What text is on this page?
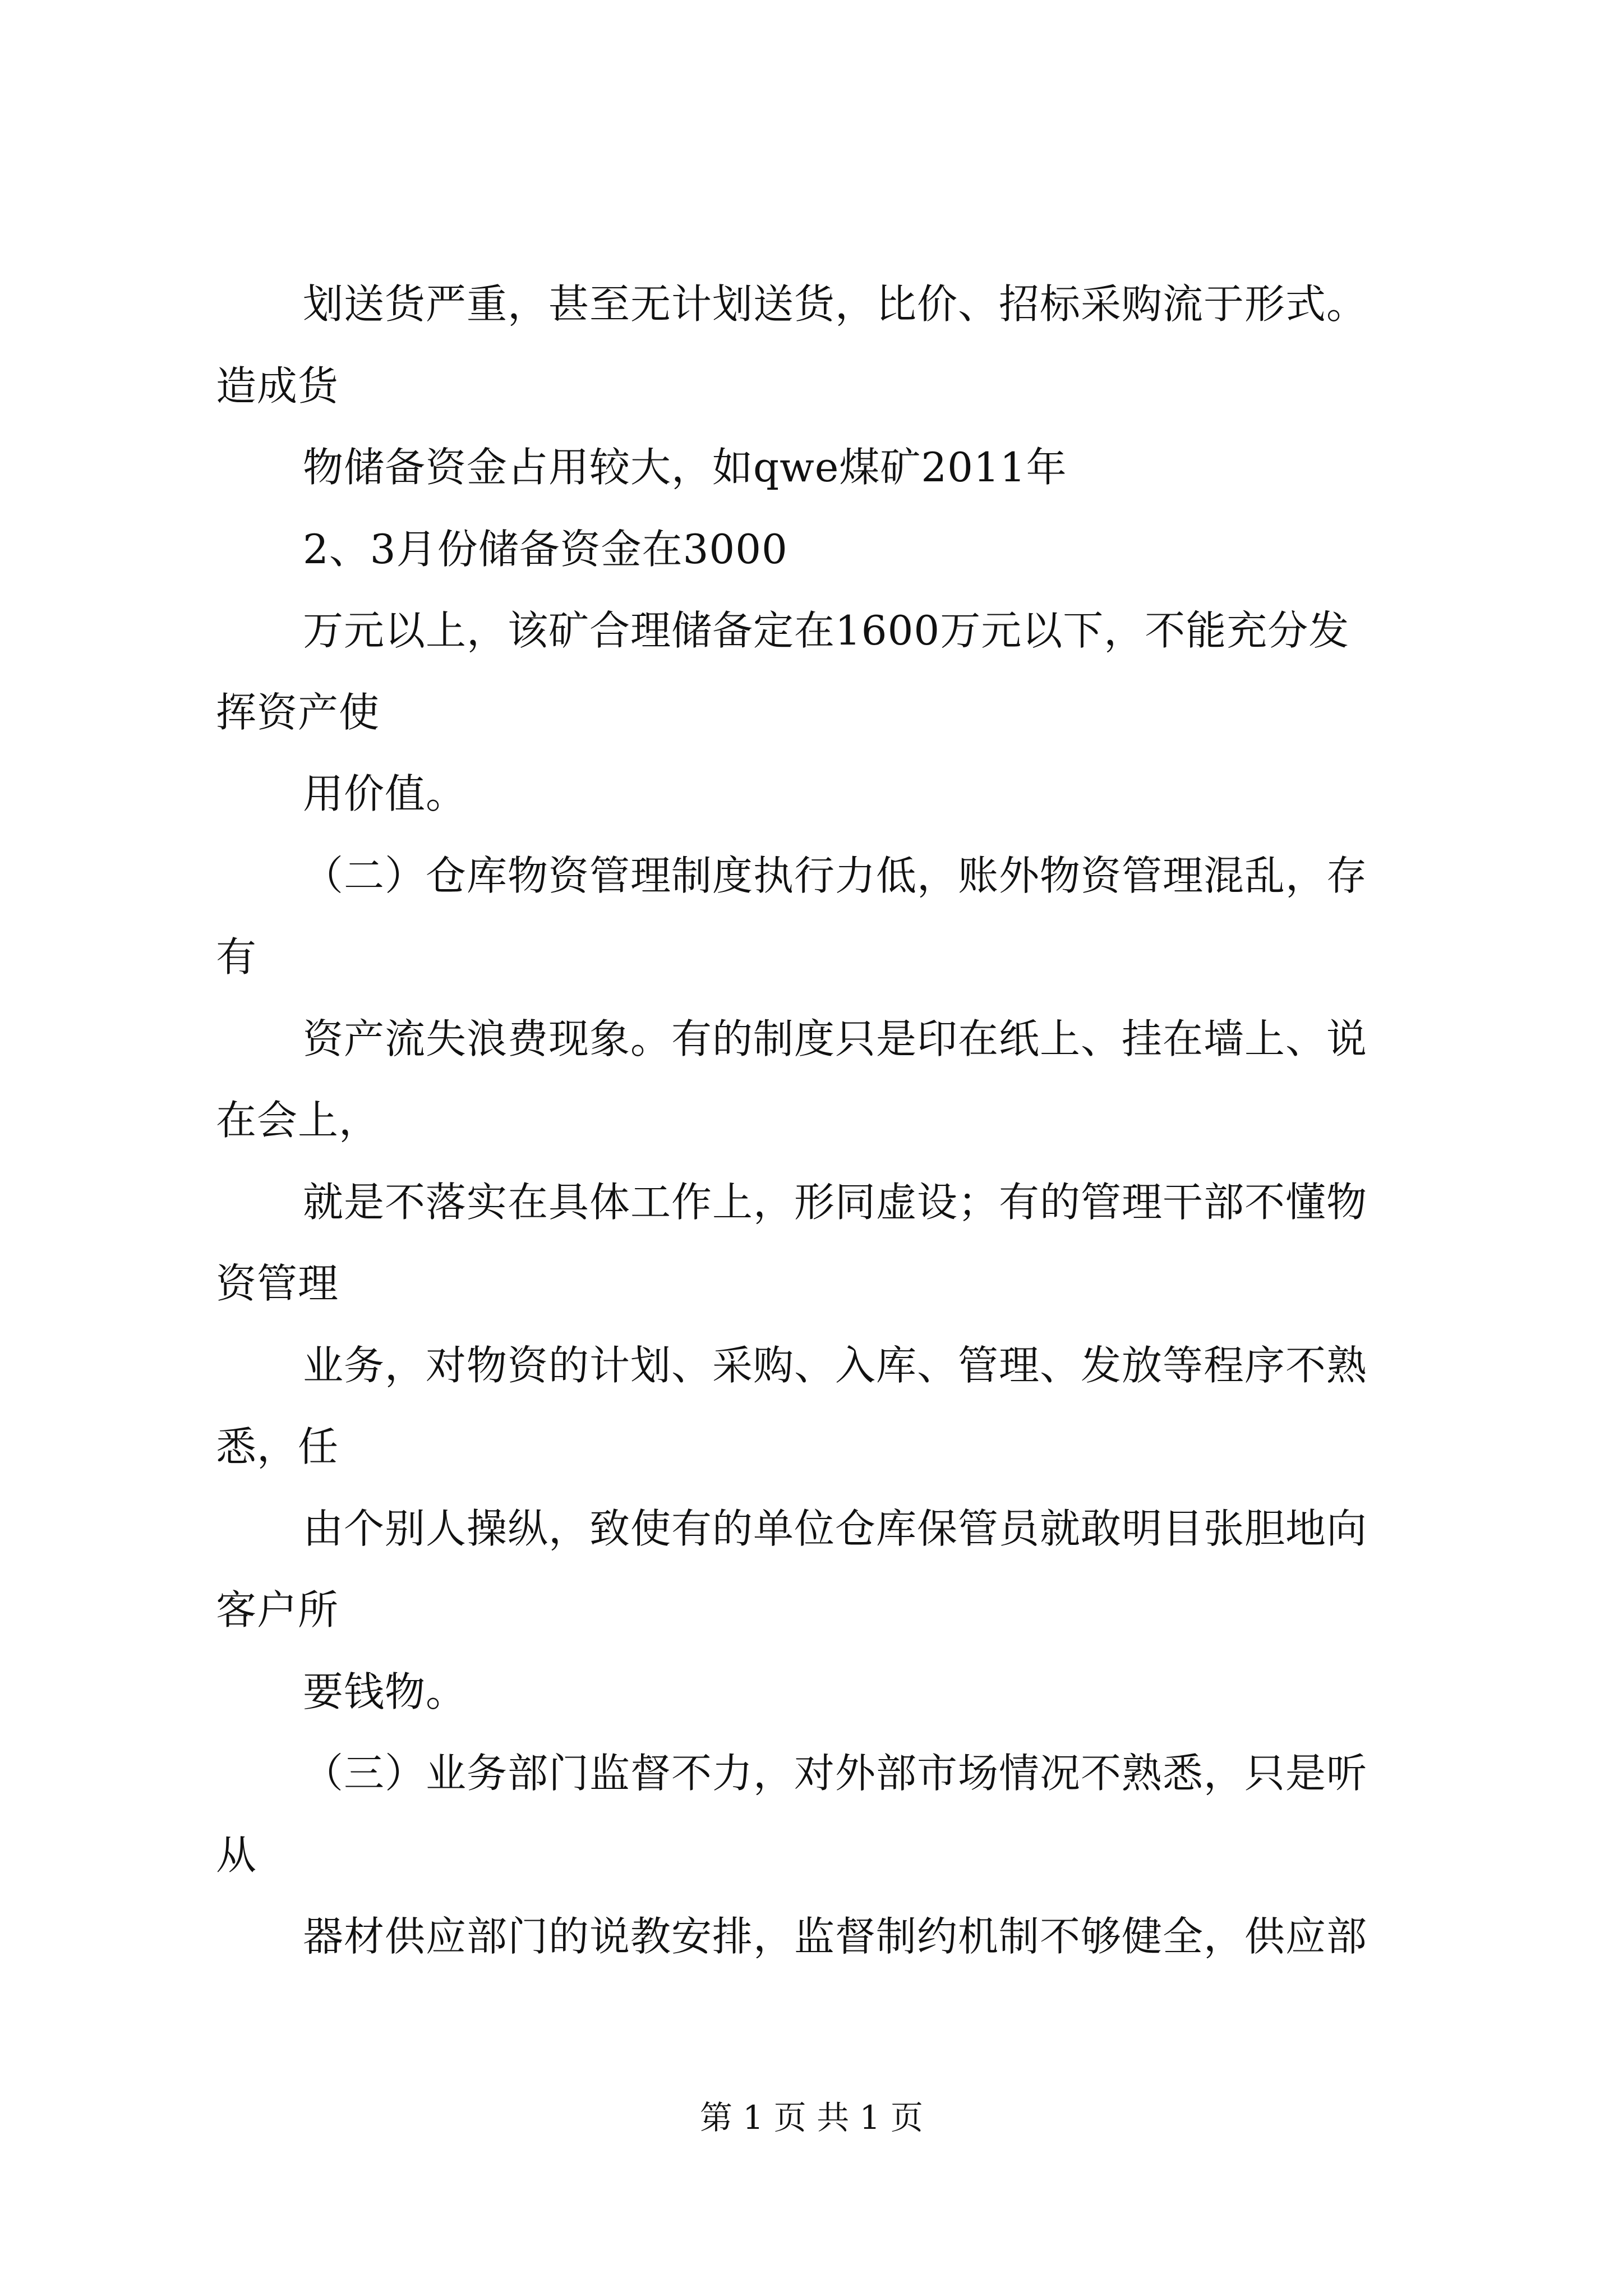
划送货严重，甚至无计划送货，比价、招标采购流于形式。
造成货
物储备资金占用较大，如qwe煤矿2011年
2、3月份储备资金在3000
万元以上，该矿合理储备定在1600万元以下，不能充分发
挥资产使
用价值。
（二）仓库物资管理制度执行力低，账外物资管理混乱，存
有
资产流失浪费现象。有的制度只是印在纸上、挂在墙上、说
在会上，
就是不落实在具体工作上，形同虚设；有的管理干部不懂物
资管理
业务，对物资的计划、采购、入库、管理、发放等程序不熟
悉，任
由个别人操纵，致使有的单位仓库保管员就敢明目张胆地向
客户所
要钱物。
（三）业务部门监督不力，对外部市场情况不熟悉，只是听
从
器材供应部门的说教安排，监督制约机制不够健全，供应部
第 1 页 共 1 页
